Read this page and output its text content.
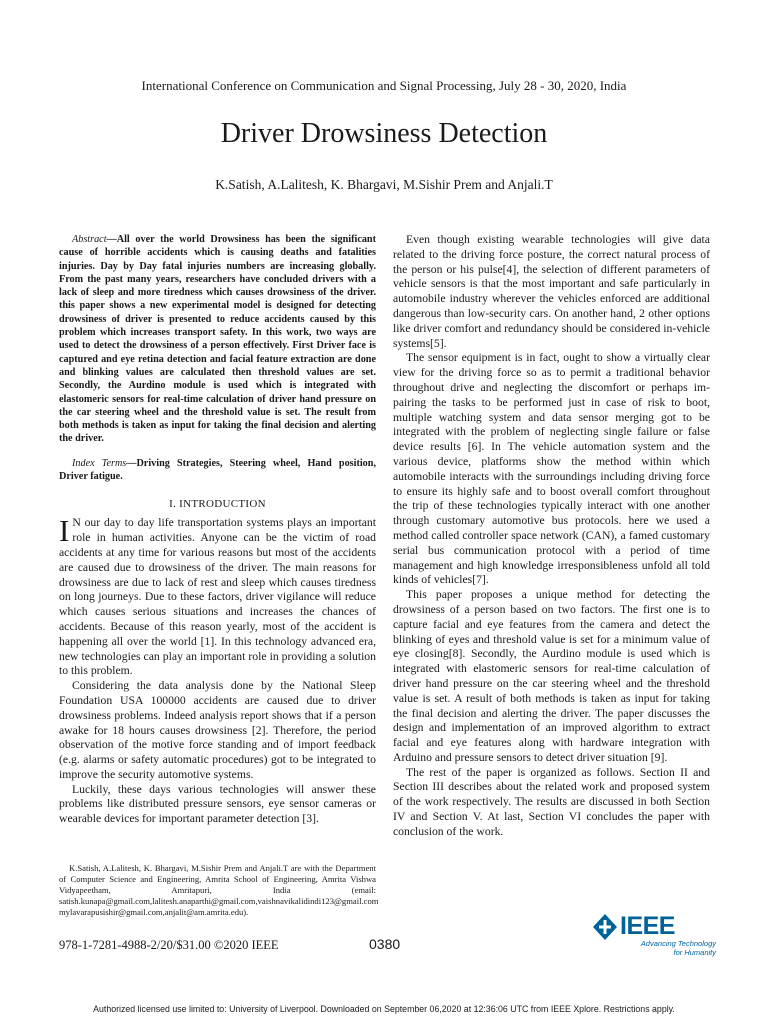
International Conference on Communication and Signal Processing, July 28 - 30, 2020, India
Driver Drowsiness Detection
K.Satish, A.Lalitesh, K. Bhargavi, M.Sishir Prem and Anjali.T

Abstract—All over the world Drowsiness has been the significant cause of horrible accidents which is causing deaths and fatalities injuries. Day by Day fatal injuries numbers are increasing globally. From the past many years, researchers have concluded drivers with a lack of sleep and more tiredness which causes drowsiness of the driver. this paper shows a new experimental model is designed for detecting drowsiness of driver is presented to reduce accidents caused by this problem which increases transport safety. In this work, two ways are used to detect the drowsiness of a person effectively. First Driver face is captured and eye retina detection and facial feature extraction are done and blinking values are calculated then threshold values are set. Secondly, the Aurdino module is used which is integrated with elastomeric sensors for real-time calculation of driver hand pressure on the car steering wheel and the threshold value is set. The result from both methods is taken as input for taking the final decision and alerting the driver.

Index Terms—Driving Strategies, Steering wheel, Hand position, Driver fatigue.

I. INTRODUCTION

I N our day to day life transportation systems plays an important role in human activities. Anyone can be the victim of road accidents at any time for various reasons but most of the accidents are caused due to drowsiness of the driver. The main reasons for drowsiness are due to lack of rest and sleep which causes tiredness on long journeys. Due to these factors, driver vigilance will reduce which causes serious situations and increases the chances of accidents. Because of this reason yearly, most of the accident is happening all over the world [1]. In this technology advanced era, new technologies can play an important role in providing a solution to this problem.

Considering the data analysis done by the National Sleep Foundation USA 100000 accidents are caused due to driver drowsiness problems. Indeed analysis report shows that if a person awake for 18 hours causes drowsiness [2]. Therefore, the period observation of the motive force standing and of import feedback (e.g. alarms or safety automatic procedures) got to be integrated to improve the security automotive systems.

Luckily, these days various technologies will answer these problems like distributed pressure sensors, eye sensor cameras or wearable devices for important parameter detection [3].

Even though existing wearable technologies will give data related to the driving force posture, the correct natural process of the person or his pulse[4], the selection of different parameters of vehicle sensors is that the most important and safe particularly in automobile industry wherever the vehicles enforced are additional dangerous than low-security cars. On another hand, 2 other options like driver comfort and redundancy should be considered in-vehicle systems[5].

The sensor equipment is in fact, ought to show a virtually clear view for the driving force so as to permit a traditional behavior throughout drive and neglecting the discomfort or perhaps im-pairing the tasks to be performed just in case of risk to boot, multiple watching system and data sensor merging got to be integrated with the problem of neglecting single failure or false device results [6]. In The vehicle automation system and the various device, platforms show the method within which automobile interacts with the surroundings including driving force to ensure its highly safe and to boost overall comfort throughout the trip of these technologies typically interact with one another through customary automotive bus protocols. here we used a method called controller space network (CAN), a famed customary serial bus communication protocol with a period of time management and high knowledge irresponsibleness unfold all told kinds of vehicles[7].

This paper proposes a unique method for detecting the drowsiness of a person based on two factors. The first one is to capture facial and eye features from the camera and detect the blinking of eyes and threshold value is set for a minimum value of eye closing[8]. Secondly, the Aurdino module is used which is integrated with elastomeric sensors for real-time calculation of driver hand pressure on the car steering wheel and the threshold value is set. A result of both methods is taken as input for taking the final decision and alerting the driver. The paper discusses the design and implementation of an improved algorithm to extract facial and eye features along with hardware integration with Arduino and pressure sensors to detect driver situation [9].

The rest of the paper is organized as follows. Section II and Section III describes about the related work and proposed system of the work respectively. The results are discussed in both Section IV and Section V. At last, Section VI concludes the paper with conclusion of the work.

K.Satish, A.Lalitesh, K. Bhargavi, M.Sishir Prem and Anjali.T are with the Department of Computer Science and Engineering, Amrita School of Engineering, Amrita Vishwa Vidyapeetham, Amritapuri, India (email: satish.kunapa@gmail.com,lalitesh.anaparthi@gmail.com,vaishnavikalidindi123@gmail.com mylavarapusishir@gmail.com,anjalit@am.amrita.edu).
978-1-7281-4988-2/20/$31.00 ©2020 IEEE	0380
IEEE
Advancing Technology
for Humanity
Authorized licensed use limited to: University of Liverpool. Downloaded on September 06,2020 at 12:36:06 UTC from IEEE Xplore. Restrictions apply.
